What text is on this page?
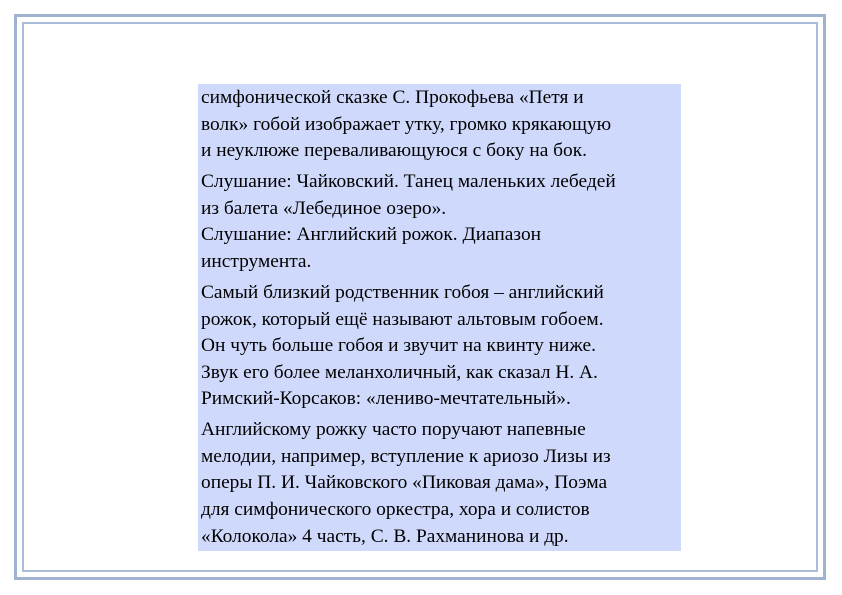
симфонической сказке С. Прокофьева «Петя и
волк» гобой изображает утку, громко крякающую
и неуклюже переваливающуюся с боку на бок.

Слушание: Чайковский. Танец маленьких лебедей
из балета «Лебединое озеро».

Слушание: Английский рожок. Диапазон
инструмента.

Самый близкий родственник гобоя – английский
рожок, который ещё называют альтовым гобоем.
Он чуть больше гобоя и звучит на квинту ниже.
Звук его более меланхоличный, как сказал Н. А.
Римский-Корсаков: «лениво-мечтательный».

Английскому рожку часто поручают напевные
мелодии, например, вступление к ариозо Лизы из
оперы П. И. Чайковского «Пиковая дама», Поэма
для симфонического оркестра, хора и солистов
«Колокола» 4 часть, С. В. Рахманинова и др.
